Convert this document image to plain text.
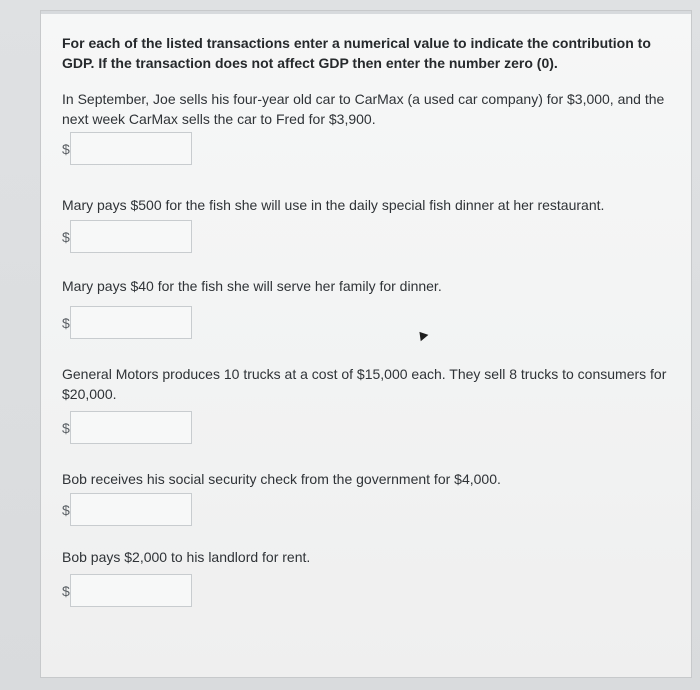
For each of the listed transactions enter a numerical value to indicate the contribution to GDP. If the transaction does not affect GDP then enter the number zero (0).
In September, Joe sells his four-year old car to CarMax (a used car company) for $3,000, and the next week CarMax sells the car to Fred for $3,900.
$
Mary pays $500 for the fish she will use in the daily special fish dinner at her restaurant.
$
Mary pays $40 for the fish she will serve her family for dinner.
$
General Motors produces 10 trucks at a cost of $15,000 each. They sell 8 trucks to consumers for $20,000.
$
Bob receives his social security check from the government for $4,000.
$
Bob pays $2,000 to his landlord for rent.
$
